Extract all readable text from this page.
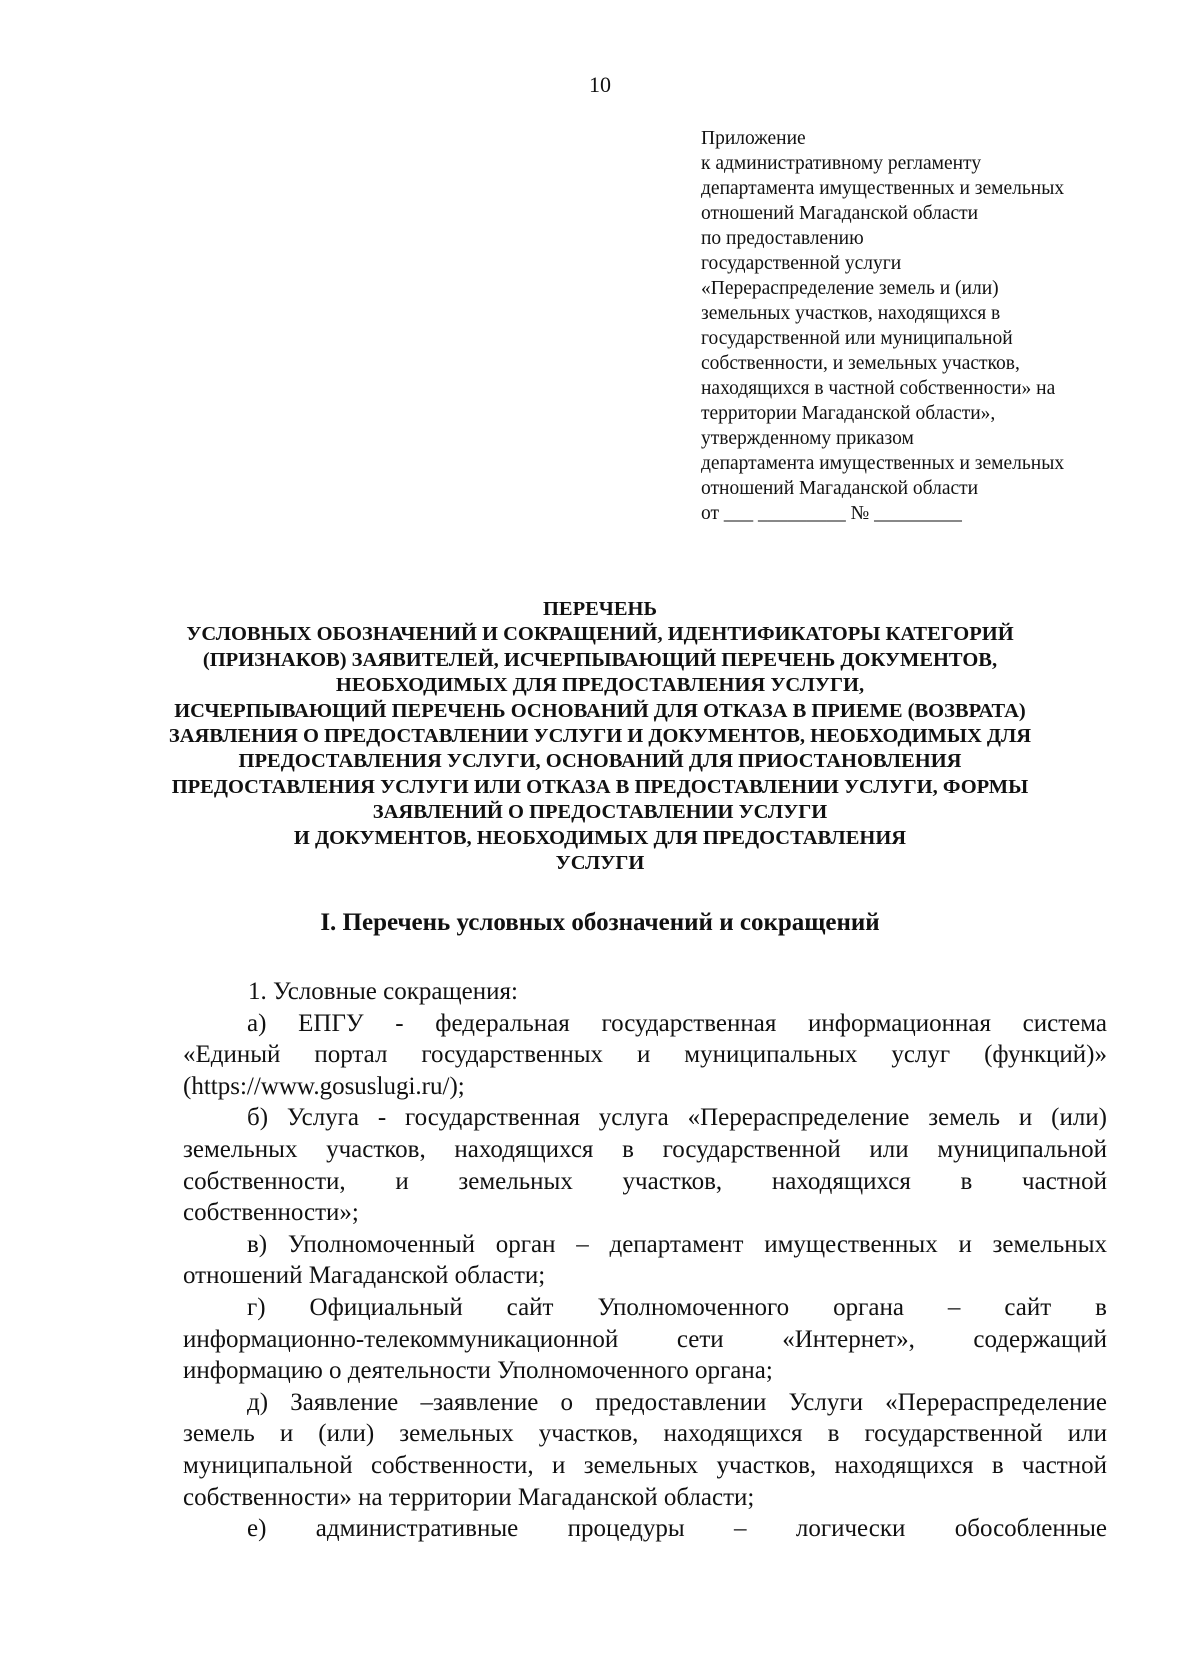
10
Приложение
к административному регламенту
департамента имущественных и земельных
отношений Магаданской области
по предоставлению
государственной услуги
«Перераспределение земель и (или)
земельных участков, находящихся в
государственной или муниципальной
собственности, и земельных участков,
находящихся в частной собственности» на
территории Магаданской области»,
утвержденному приказом
департамента имущественных и земельных
отношений Магаданской области
от ___ _________ № _________
ПЕРЕЧЕНЬ
УСЛОВНЫХ ОБОЗНАЧЕНИЙ И СОКРАЩЕНИЙ, ИДЕНТИФИКАТОРЫ КАТЕГОРИЙ
(ПРИЗНАКОВ) ЗАЯВИТЕЛЕЙ, ИСЧЕРПЫВАЮЩИЙ ПЕРЕЧЕНЬ ДОКУМЕНТОВ,
НЕОБХОДИМЫХ ДЛЯ ПРЕДОСТАВЛЕНИЯ УСЛУГИ,
ИСЧЕРПЫВАЮЩИЙ ПЕРЕЧЕНЬ ОСНОВАНИЙ ДЛЯ ОТКАЗА В ПРИЕМЕ (ВОЗВРАТА)
ЗАЯВЛЕНИЯ О ПРЕДОСТАВЛЕНИИ УСЛУГИ И ДОКУМЕНТОВ, НЕОБХОДИМЫХ ДЛЯ
ПРЕДОСТАВЛЕНИЯ УСЛУГИ, ОСНОВАНИЙ ДЛЯ ПРИОСТАНОВЛЕНИЯ
ПРЕДОСТАВЛЕНИЯ УСЛУГИ ИЛИ ОТКАЗА В ПРЕДОСТАВЛЕНИИ УСЛУГИ, ФОРМЫ
ЗАЯВЛЕНИЙ О ПРЕДОСТАВЛЕНИИ УСЛУГИ
И ДОКУМЕНТОВ, НЕОБХОДИМЫХ ДЛЯ ПРЕДОСТАВЛЕНИЯ
УСЛУГИ
I. Перечень условных обозначений и сокращений
1. Условные сокращения:
а) ЕПГУ - федеральная государственная информационная система
«Единый портал государственных и муниципальных услуг (функций)»
(https://www.gosuslugi.ru/);
б) Услуга - государственная услуга «Перераспределение земель и (или)
земельных участков, находящихся в государственной или муниципальной
собственности, и земельных участков, находящихся в частной
собственности»;
в) Уполномоченный орган – департамент имущественных и земельных
отношений Магаданской области;
г) Официальный сайт Уполномоченного органа – сайт в
информационно-телекоммуникационной сети «Интернет», содержащий
информацию о деятельности Уполномоченного органа;
д) Заявление –заявление о предоставлении Услуги «Перераспределение
земель и (или) земельных участков, находящихся в государственной или
муниципальной собственности, и земельных участков, находящихся в частной
собственности» на территории Магаданской области;
е) административные процедуры – логически обособленные
